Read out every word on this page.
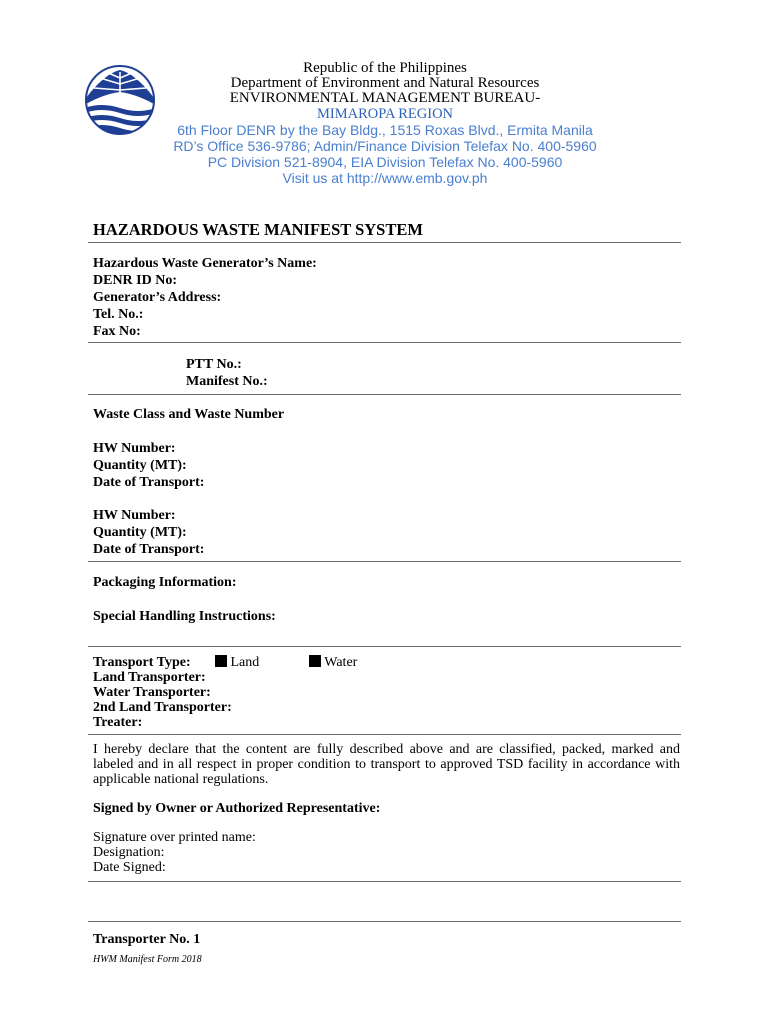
Republic of the Philippines
Department of Environment and Natural Resources
ENVIRONMENTAL MANAGEMENT BUREAU-
MIMAROPA REGION
6th Floor DENR by the Bay Bldg., 1515 Roxas Blvd., Ermita Manila
RD’s Office 536-9786; Admin/Finance Division Telefax No. 400-5960
PC Division 521-8904, EIA Division Telefax No. 400-5960
Visit us at http://www.emb.gov.ph
HAZARDOUS WASTE MANIFEST SYSTEM
Hazardous Waste Generator’s Name:
DENR ID No:
Generator’s Address:
Tel. No.:
Fax No:
PTT No.:
Manifest No.:
Waste Class and Waste Number
HW Number:
Quantity (MT):
Date of Transport:
HW Number:
Quantity (MT):
Date of Transport:
Packaging Information:
Special Handling Instructions:
Transport Type:	Land	Water
Land Transporter:
Water Transporter:
2nd Land Transporter:
Treater:
I hereby declare that the content are fully described above and are classified, packed, marked and labeled and in all respect in proper condition to transport to approved TSD facility in accordance with applicable national regulations.
Signed by Owner or Authorized Representative:
Signature over printed name:
Designation:
Date Signed:
Transporter No. 1
HWM Manifest Form 2018
